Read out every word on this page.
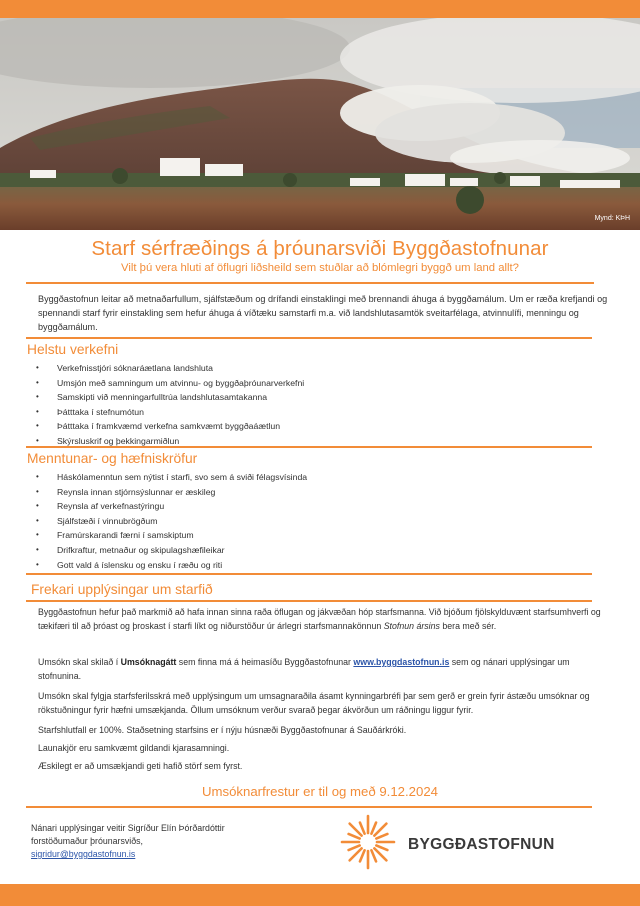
Mynd: KÞH
Starf sérfræðings á þróunarsviði Byggðastofnunar
Vilt þú vera hluti af öflugri liðsheild sem stuðlar að blómlegri byggð um land allt?
Byggðastofnun leitar að metnaðarfullum, sjálfstæðum og drífandi einstaklingi með brennandi áhuga á byggðamálum. Um er ræða krefjandi og spennandi starf fyrir einstakling sem hefur áhuga á víðtæku samstarfi m.a. við landshlutasamtök sveitarfélaga, atvinnulífi, menningu og byggðamálum.
Helstu verkefni
• Verkefnisstjóri sóknaráætlana landshluta
• Umsjón með samningum um atvinnu- og byggðaþróunarverkefni
• Samskipti við menningarfulltrúa landshlutasamtakanna
• Þátttaka í stefnumótun
• Þátttaka í framkvæmd verkefna samkvæmt byggðaáætlun
• Skýrsluskrif og þekkingarmiðlun
Menntunar- og hæfniskröfur
• Háskólamenntun sem nýtist í starfi, svo sem á sviði félagsvísinda
• Reynsla innan stjórnsýslunnar er æskileg
• Reynsla af verkefnastýringu
• Sjálfstæði í vinnubrögðum
• Framúrskarandi færni í samskiptum
• Drifkraftur, metnaður og skipulagshæfileikar
• Gott vald á íslensku og ensku í ræðu og riti
Frekari upplýsingar um starfið
Byggðastofnun hefur það markmið að hafa innan sinna raða öflugan og jákvæðan hóp starfsmanna. Við bjóðum fjölskylduvænt starfsumhverfi og tækifæri til að þróast og þroskast í starfi líkt og niðurstöður úr árlegri starfsmannakönnun Stofnun ársins bera með sér.
Umsókn skal skilað í Umsóknagátt sem finna má á heimasíðu Byggðastofnunar www.byggdastofnun.is sem og nánari upplýsingar um stofnunina.
Umsókn skal fylgja starfsferilsskrá með upplýsingum um umsagnaraðila ásamt kynningarbréfi þar sem gerð er grein fyrir ástæðu umsóknar og rökstuðningur fyrir hæfni umsækjanda. Öllum umsóknum verður svarað þegar ákvörðun um ráðningu liggur fyrir.
Starfshlutfall er 100%. Staðsetning starfsins er í nýju húsnæði Byggðastofnunar á Sauðárkróki.
Launakjör eru samkvæmt gildandi kjarasamningi.
Æskilegt er að umsækjandi geti hafið störf sem fyrst.
Umsóknarfrestur er til og með 9.12.2024
Nánari upplýsingar veitir Sigríður Elín Þórðardóttir
forstöðumaður þróunarsviðs,
sigridur@byggdastofnun.is
BYGGÐASTOFNUN
